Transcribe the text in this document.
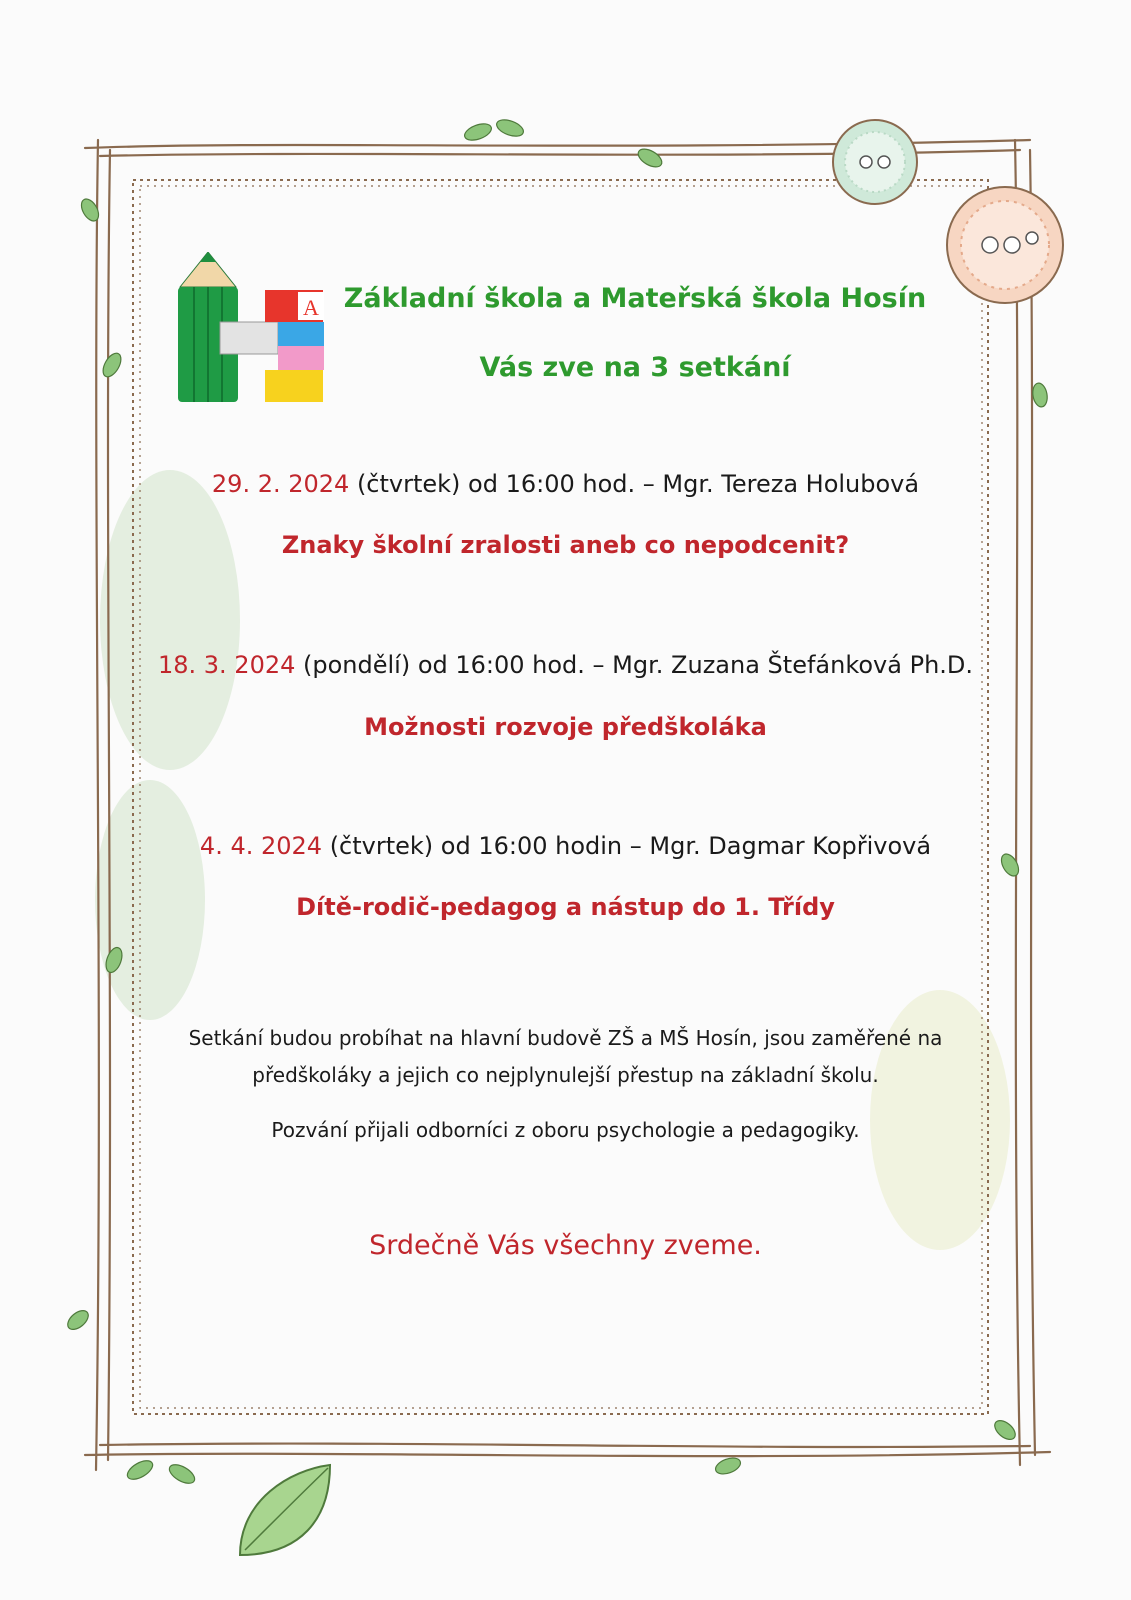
A Základní škola a Mateřská škola Hosín
Vás zve na 3 setkání
29. 2. 2024 (čtvrtek) od 16:00 hod. – Mgr. Tereza Holubová
Znaky školní zralosti aneb co nepodcenit?
18. 3. 2024 (pondělí) od 16:00 hod. – Mgr. Zuzana Štefánková Ph.D.
Možnosti rozvoje předškoláka
4. 4. 2024 (čtvrtek) od 16:00 hodin – Mgr. Dagmar Kopřivová
Dítě-rodič-pedagog a nástup do 1. Třídy
Setkání budou probíhat na hlavní budově ZŠ a MŠ Hosín, jsou zaměřené na
předškoláky a jejich co nejplynulejší přestup na základní školu.
Pozvání přijali odborníci z oboru psychologie a pedagogiky.
Srdečně Vás všechny zveme.
